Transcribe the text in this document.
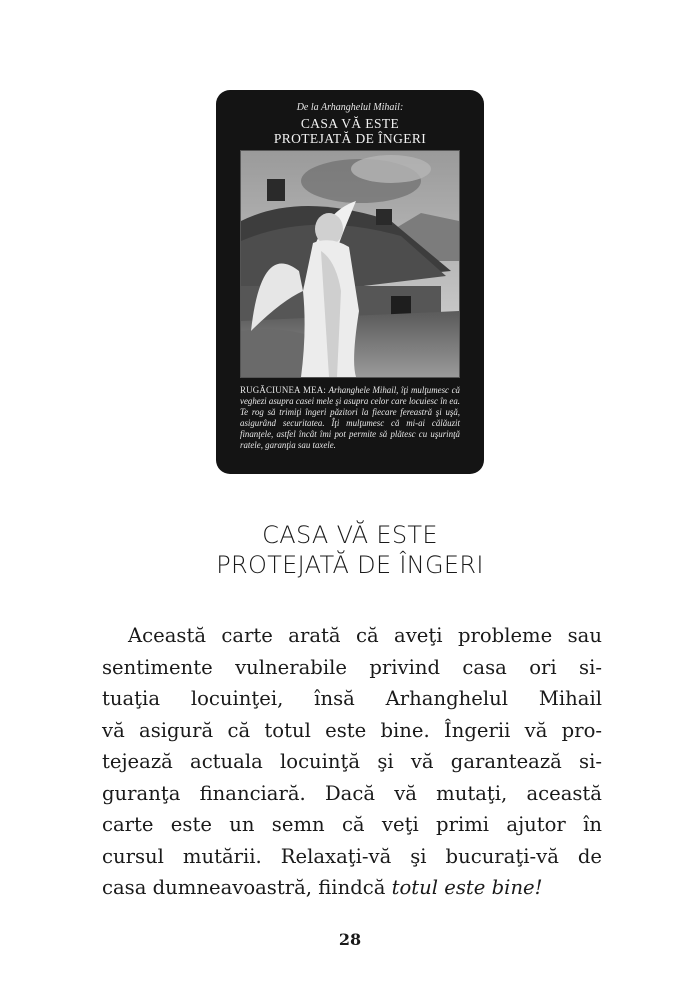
De la Arhanghelul Mihail:

CASA VĂ ESTE
PROTEJATĂ DE ÎNGERI
RUGĂCIUNEA MEA: Arhanghele Mihail, îţi mulţumesc că veghezi asupra casei mele şi asupra celor care locuiesc în ea. Te rog să trimiţi îngeri păzitori la fiecare fereastră şi uşă, asigurând securitatea. Îţi mulţumesc că mi-ai călăuzit finanţele, astfel încât îmi pot permite să plătesc cu uşurinţă ratele, garanţia sau taxele.
CASA VĂ ESTE
PROTEJATĂ DE ÎNGERI
Această carte arată că aveţi probleme sau
sentimente vulnerabile privind casa ori si-
tuaţia locuinţei, însă Arhanghelul Mihail
vă asigură că totul este bine. Îngerii vă pro-
tejează actuala locuinţă şi vă garantează si-
guranţa financiară. Dacă vă mutaţi, această
carte este un semn că veţi primi ajutor în
cursul mutării. Relaxaţi-vă şi bucuraţi-vă de
casa dumneavoastră, fiindcă totul este bine!
28
